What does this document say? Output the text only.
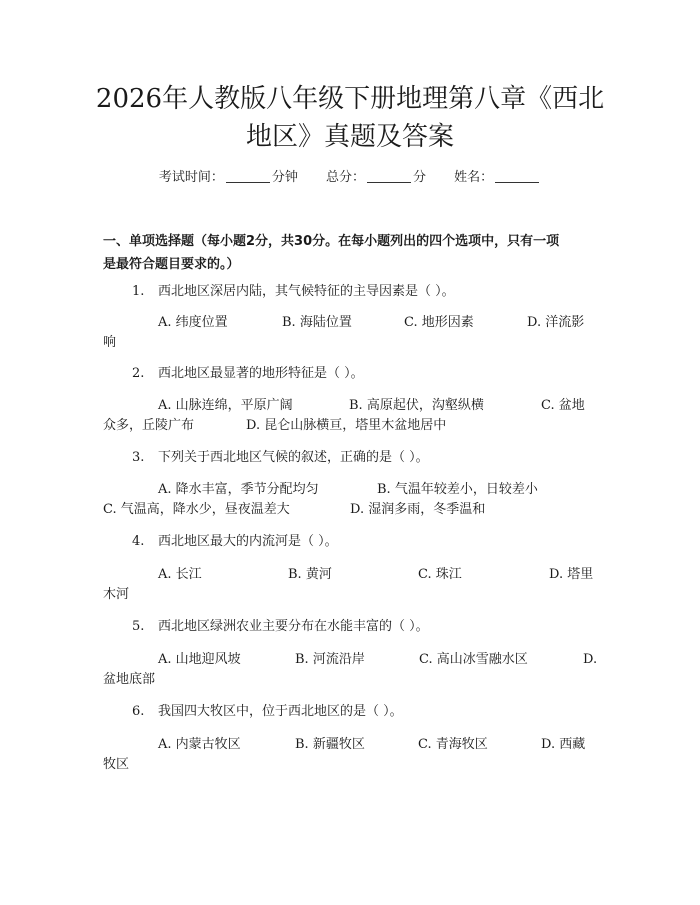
2026年人教版八年级下册地理第八章《西北
地区》真题及答案
考试时间：	分钟 总分：	分 姓名：
一、单项选择题（每小题2分，共30分。在每小题列出的四个选项中，只有一项
是最符合题目要求的。）
1. 西北地区深居内陆，其气候特征的主导因素是（ ）。
A. 纬度位置	B. 海陆位置	C. 地形因素	D. 洋流影
响
2. 西北地区最显著的地形特征是（ ）。
A. 山脉连绵，平原广阔	B. 高原起伏，沟壑纵横	C. 盆地
众多，丘陵广布	D. 昆仑山脉横亘，塔里木盆地居中
3. 下列关于西北地区气候的叙述，正确的是（ ）。
A. 降水丰富，季节分配均匀	B. 气温年较差小，日较差小
C. 气温高，降水少，昼夜温差大	D. 湿润多雨，冬季温和
4. 西北地区最大的内流河是（ ）。
A. 长江	B. 黄河	C. 珠江	D. 塔里
木河
5. 西北地区绿洲农业主要分布在水能丰富的（ ）。
A. 山地迎风坡	B. 河流沿岸	C. 高山冰雪融水区	D.
盆地底部
6. 我国四大牧区中，位于西北地区的是（ ）。
A. 内蒙古牧区	B. 新疆牧区	C. 青海牧区	D. 西藏
牧区
